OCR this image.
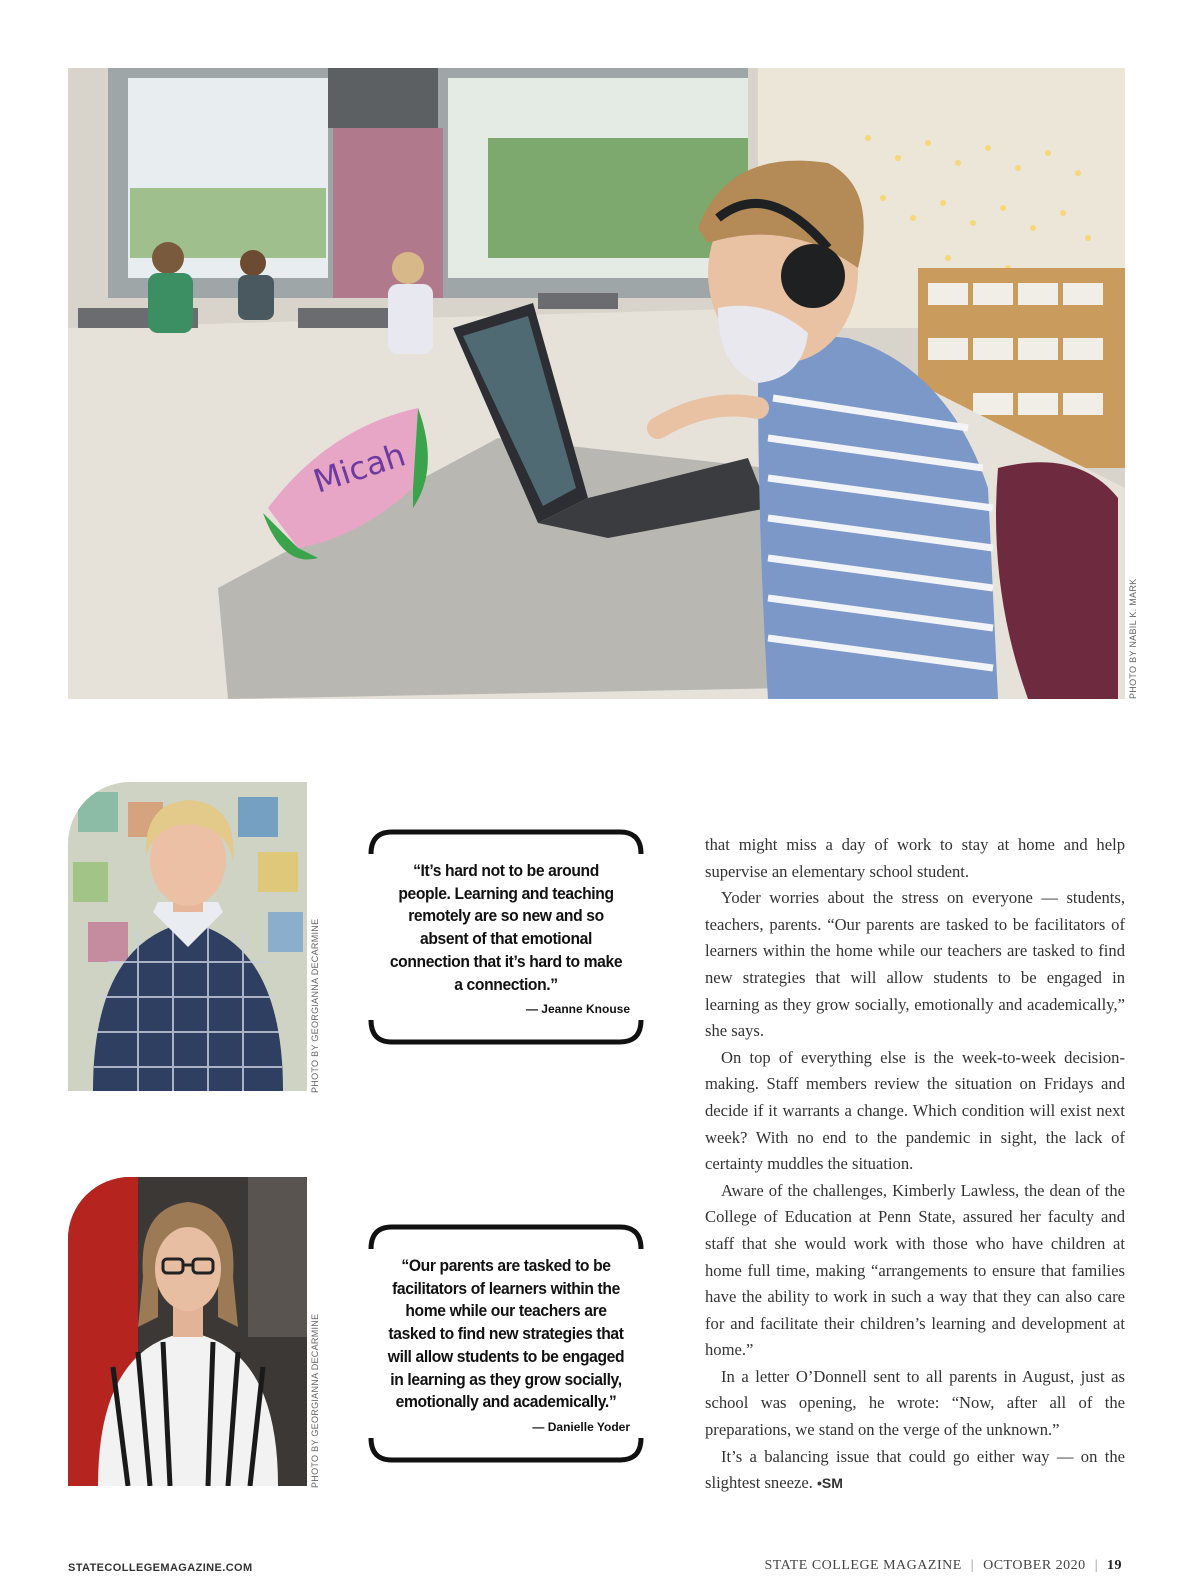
Micah
PHOTO BY NABIL K. MARK
PHOTO BY GEORGIANNA DECARMINE
PHOTO BY GEORGIANNA DECARMINE
“It’s hard not to be around people. Learning and teaching remotely are so new and so absent of that emotional connection that it’s hard to make a connection.”
— Jeanne Knouse
“Our parents are tasked to be facilitators of learners within the home while our teachers are tasked to find new strategies that will allow students to be engaged in learning as they grow socially, emotionally and academically.”
— Danielle Yoder

that might miss a day of work to stay at home and help supervise an elementary school student.

Yoder worries about the stress on everyone — students, teachers, parents. “Our parents are tasked to be facilitators of learners within the home while our teachers are tasked to find new strategies that will allow students to be engaged in learning as they grow socially, emotionally and academically,” she says.

On top of everything else is the week-to-week decision-making. Staff members review the situation on Fridays and decide if it warrants a change. Which condition will exist next week? With no end to the pandemic in sight, the lack of certainty muddles the situation.

Aware of the challenges, Kimberly Lawless, the dean of the College of Education at Penn State, assured her faculty and staff that she would work with those who have children at home full time, making “arrangements to ensure that families have the ability to work in such a way that they can also care for and facilitate their children’s learning and development at home.”

In a letter O’Donnell sent to all parents in August, just as school was opening, he wrote: “Now, after all of the preparations, we stand on the verge of the unknown.”

It’s a balancing issue that could go either way — on the slightest sneeze. •SM

STATECOLLEGEMAGAZINE.COM	STATE COLLEGE MAGAZINE | OCTOBER 2020 | 19
